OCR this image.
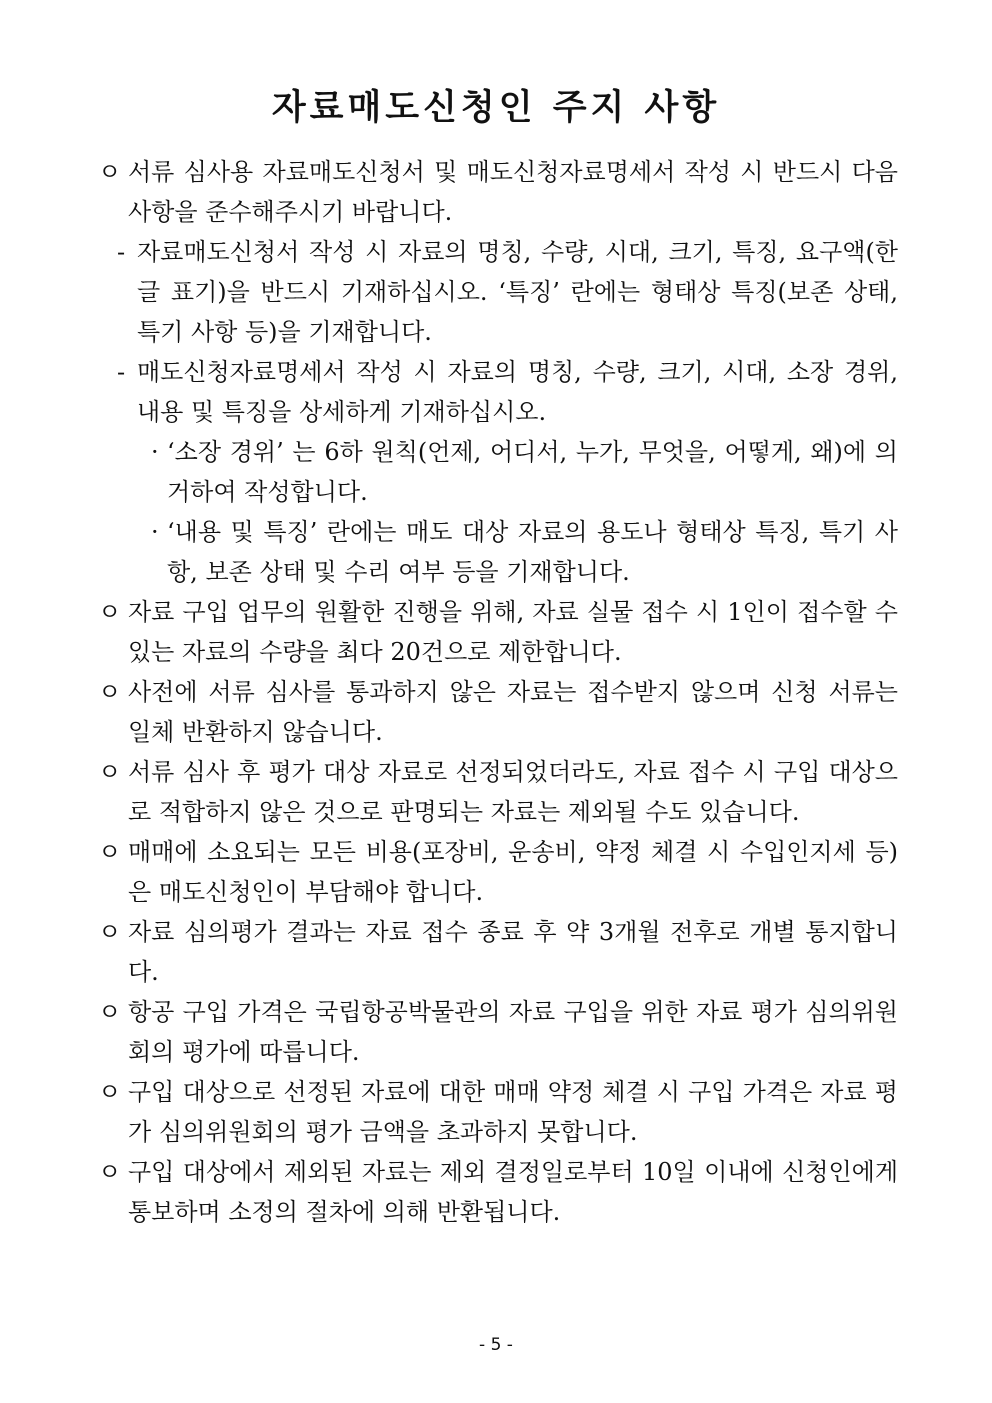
자료매도신청인 주지 사항

ㅇ 서류 심사용 자료매도신청서 및 매도신청자료명세서 작성 시 반드시 다음 사항을 준수해주시기 바랍니다.

- 자료매도신청서 작성 시 자료의 명칭, 수량, 시대, 크기, 특징, 요구액(한글 표기)을 반드시 기재하십시오. ‘특징’ 란에는 형태상 특징(보존 상태, 특기 사항 등)을 기재합니다.

- 매도신청자료명세서 작성 시 자료의 명칭, 수량, 크기, 시대, 소장 경위, 내용 및 특징을 상세하게 기재하십시오.

· ‘소장 경위’ 는 6하 원칙(언제, 어디서, 누가, 무엇을, 어떻게, 왜)에 의거하여 작성합니다.

· ‘내용 및 특징’ 란에는 매도 대상 자료의 용도나 형태상 특징, 특기 사항, 보존 상태 및 수리 여부 등을 기재합니다.

ㅇ 자료 구입 업무의 원활한 진행을 위해, 자료 실물 접수 시 1인이 접수할 수 있는 자료의 수량을 최다 20건으로 제한합니다.

ㅇ 사전에 서류 심사를 통과하지 않은 자료는 접수받지 않으며 신청 서류는 일체 반환하지 않습니다.

ㅇ 서류 심사 후 평가 대상 자료로 선정되었더라도, 자료 접수 시 구입 대상으로 적합하지 않은 것으로 판명되는 자료는 제외될 수도 있습니다.

ㅇ 매매에 소요되는 모든 비용(포장비, 운송비, 약정 체결 시 수입인지세 등)은 매도신청인이 부담해야 합니다.

ㅇ 자료 심의평가 결과는 자료 접수 종료 후 약 3개월 전후로 개별 통지합니다.

ㅇ 항공 구입 가격은 국립항공박물관의 자료 구입을 위한 자료 평가 심의위원회의 평가에 따릅니다.

ㅇ 구입 대상으로 선정된 자료에 대한 매매 약정 체결 시 구입 가격은 자료 평가 심의위원회의 평가 금액을 초과하지 못합니다.

ㅇ 구입 대상에서 제외된 자료는 제외 결정일로부터 10일 이내에 신청인에게 통보하며 소정의 절차에 의해 반환됩니다.

- 5 -
